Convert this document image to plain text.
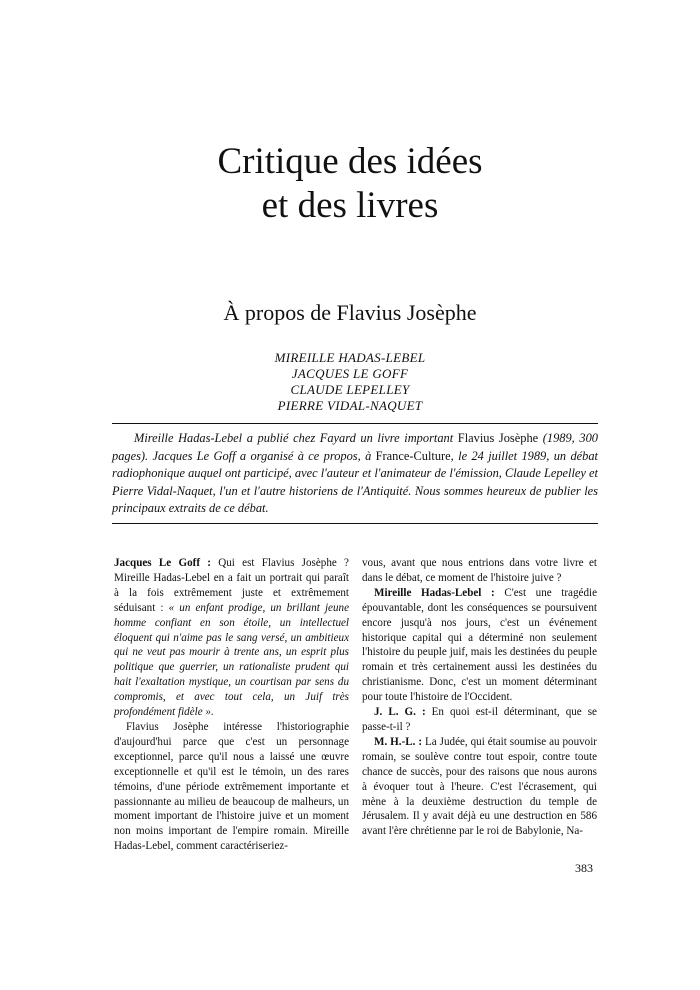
Critique des idées
et des livres
À propos de Flavius Josèphe
MIREILLE HADAS-LEBEL
JACQUES LE GOFF
CLAUDE LEPELLEY
PIERRE VIDAL-NAQUET

Mireille Hadas-Lebel a publié chez Fayard un livre important Flavius Josèphe (1989, 300 pages). Jacques Le Goff a organisé à ce propos, à France-Culture, le 24 juillet 1989, un débat radiophonique auquel ont participé, avec l'auteur et l'animateur de l'émission, Claude Lepelley et Pierre Vidal-Naquet, l'un et l'autre historiens de l'Antiquité. Nous sommes heureux de publier les principaux extraits de ce débat.

Jacques Le Goff : Qui est Flavius Josèphe ? Mireille Hadas-Lebel en a fait un portrait qui paraît à la fois extrêmement juste et extrêmement séduisant : « un enfant prodige, un brillant jeune homme confiant en son étoile, un intellectuel éloquent qui n'aime pas le sang versé, un ambitieux qui ne veut pas mourir à trente ans, un esprit plus politique que guerrier, un rationaliste prudent qui hait l'exaltation mystique, un courtisan par sens du compromis, et avec tout cela, un Juif très profondément fidèle ».

Flavius Josèphe intéresse l'historiographie d'aujourd'hui parce que c'est un personnage exceptionnel, parce qu'il nous a laissé une œuvre exceptionnelle et qu'il est le témoin, un des rares témoins, d'une période extrêmement importante et passionnante au milieu de beaucoup de malheurs, un moment important de l'histoire juive et un moment non moins important de l'empire romain. Mireille Hadas-Lebel, comment caractériseriez-

vous, avant que nous entrions dans votre livre et dans le débat, ce moment de l'histoire juive ?

Mireille Hadas-Lebel : C'est une tragédie épouvantable, dont les conséquences se poursuivent encore jusqu'à nos jours, c'est un événement historique capital qui a déterminé non seulement l'histoire du peuple juif, mais les destinées du peuple romain et très certainement aussi les destinées du christianisme. Donc, c'est un moment déterminant pour toute l'histoire de l'Occident.

J. L. G. : En quoi est-il déterminant, que se passe-t-il ?

M. H.-L. : La Judée, qui était soumise au pouvoir romain, se soulève contre tout espoir, contre toute chance de succès, pour des raisons que nous aurons à évoquer tout à l'heure. C'est l'écrasement, qui mène à la deuxième destruction du temple de Jérusalem. Il y avait déjà eu une destruction en 586 avant l'ère chrétienne par le roi de Babylonie, Na-

383
